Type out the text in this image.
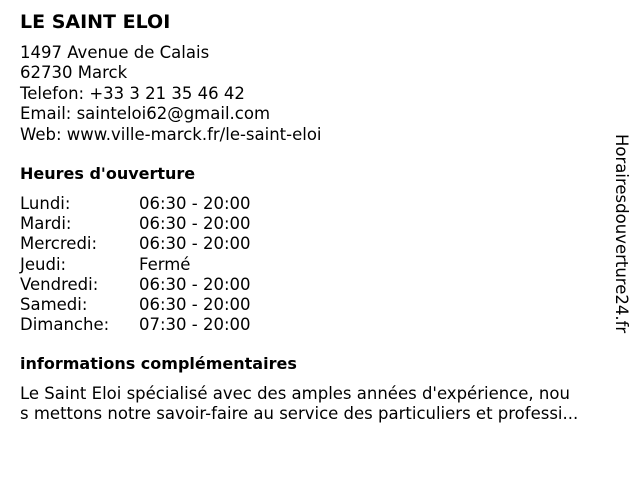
LE SAINT ELOI
1497 Avenue de Calais
62730 Marck
Telefon: +33 3 21 35 46 42
Email: sainteloi62@gmail.com
Web: www.ville-marck.fr/le-saint-eloi
Heures d'ouverture
Lundi:	06:30 - 20:00
Mardi:	06:30 - 20:00
Mercredi:	06:30 - 20:00
Jeudi:	Fermé
Vendredi: 06:30 - 20:00
Samedi:	06:30 - 20:00
Dimanche: 07:30 - 20:00
informations complémentaires
Le Saint Eloi spécialisé avec des amples années d'expérience, nou
s mettons notre savoir-faire au service des particuliers et professi...
Horairesdouverture24.fr
